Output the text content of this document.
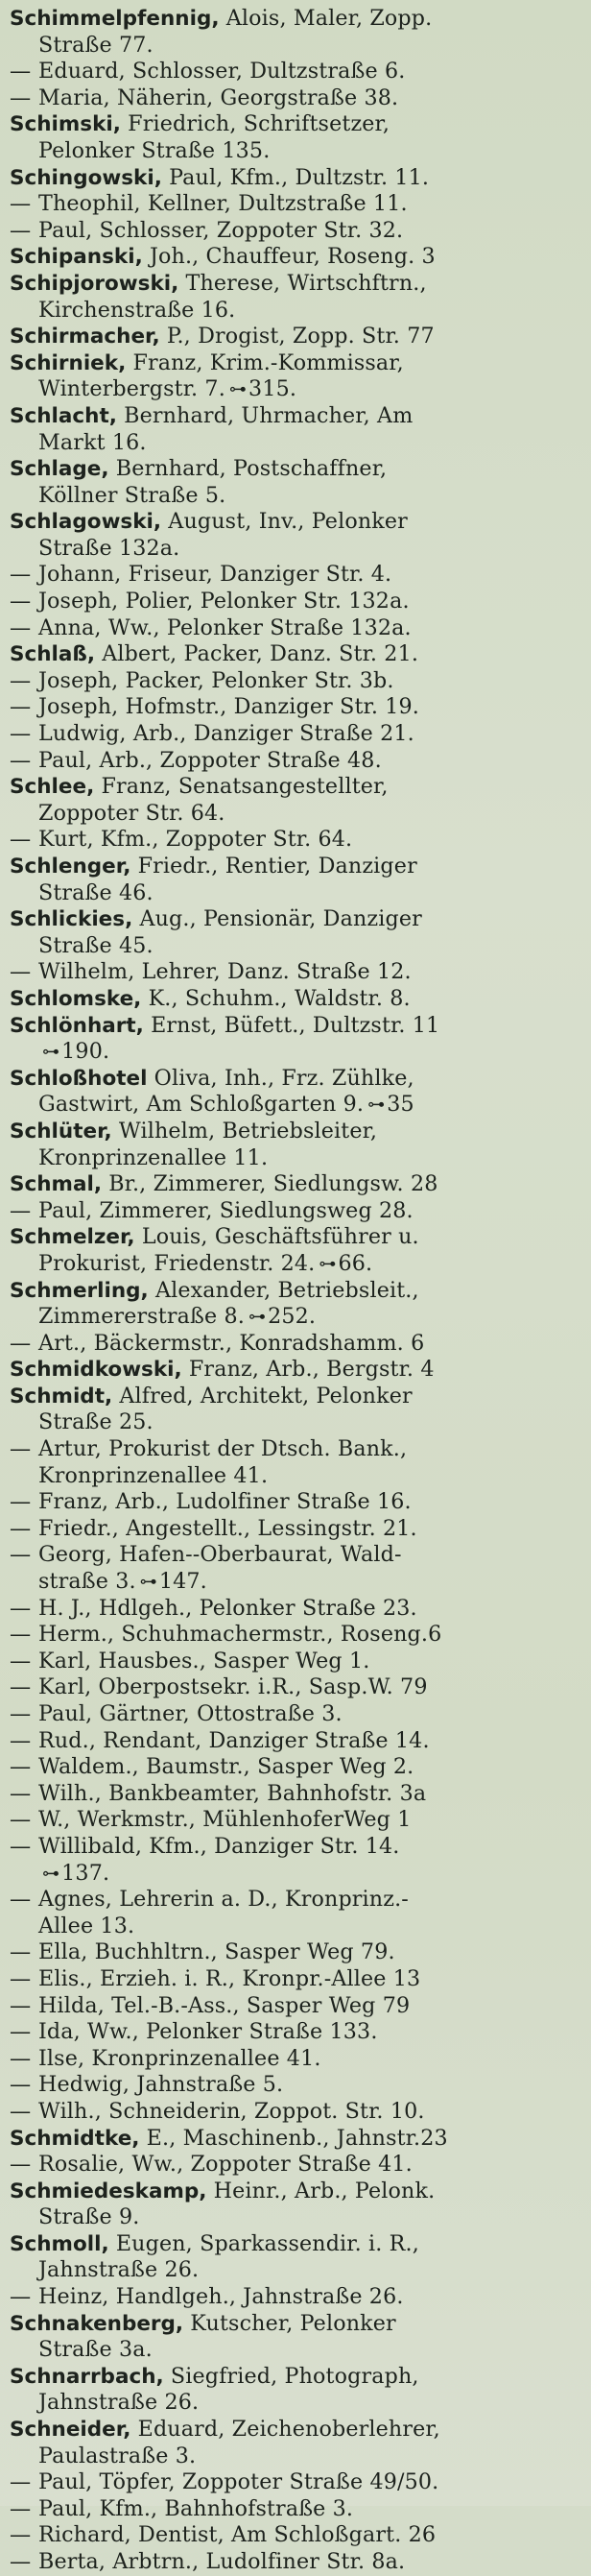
Schimmelpfennig, Alois, Maler, Zopp.
Straße 77.
— Eduard, Schlosser, Dultzstraße 6.
— Maria, Näherin, Georgstraße 38.
Schimski, Friedrich, Schriftsetzer,
Pelonker Straße 135.
Schingowski, Paul, Kfm., Dultzstr. 11.
— Theophil, Kellner, Dultzstraße 11.
— Paul, Schlosser, Zoppoter Str. 32.
Schipanski, Joh., Chauffeur, Roseng. 3
Schipjorowski, Therese, Wirtschftrn.,
Kirchenstraße 16.
Schirmacher, P., Drogist, Zopp. Str. 77
Schirniek, Franz, Krim.-Kommissar,
Winterbergstr. 7. ⊶315.
Schlacht, Bernhard, Uhrmacher, Am
Markt 16.
Schlage, Bernhard, Postschaffner,
Köllner Straße 5.
Schlagowski, August, Inv., Pelonker
Straße 132a.
— Johann, Friseur, Danziger Str. 4.
— Joseph, Polier, Pelonker Str. 132a.
— Anna, Ww., Pelonker Straße 132a.
Schlaß, Albert, Packer, Danz. Str. 21.
— Joseph, Packer, Pelonker Str. 3b.
— Joseph, Hofmstr., Danziger Str. 19.
— Ludwig, Arb., Danziger Straße 21.
— Paul, Arb., Zoppoter Straße 48.
Schlee, Franz, Senatsangestellter,
Zoppoter Str. 64.
— Kurt, Kfm., Zoppoter Str. 64.
Schlenger, Friedr., Rentier, Danziger
Straße 46.
Schlickies, Aug., Pensionär, Danziger
Straße 45.
— Wilhelm, Lehrer, Danz. Straße 12.
Schlomske, K., Schuhm., Waldstr. 8.
Schlönhart, Ernst, Büfett., Dultzstr. 11
⊶190.
Schloßhotel Oliva, Inh., Frz. Zühlke,
Gastwirt, Am Schloßgarten 9. ⊶35
Schlüter, Wilhelm, Betriebsleiter,
Kronprinzenallee 11.
Schmal, Br., Zimmerer, Siedlungsw. 28
— Paul, Zimmerer, Siedlungsweg 28.
Schmelzer, Louis, Geschäftsführer u.
Prokurist, Friedenstr. 24. ⊶66.
Schmerling, Alexander, Betriebsleit.,
Zimmererstraße 8. ⊶252.
— Art., Bäckermstr., Konradshamm. 6
Schmidkowski, Franz, Arb., Bergstr. 4
Schmidt, Alfred, Architekt, Pelonker
Straße 25.
— Artur, Prokurist der Dtsch. Bank.,
Kronprinzenallee 41.
— Franz, Arb., Ludolfiner Straße 16.
— Friedr., Angestellt., Lessingstr. 21.
— Georg, Hafen--Oberbaurat, Wald-
straße 3. ⊶147.
— H. J., Hdlgeh., Pelonker Straße 23.
— Herm., Schuhmachermstr., Roseng.6
— Karl, Hausbes., Sasper Weg 1.
— Karl, Oberpostsekr. i.R., Sasp.W. 79
— Paul, Gärtner, Ottostraße 3.
— Rud., Rendant, Danziger Straße 14.
— Waldem., Baumstr., Sasper Weg 2.
— Wilh., Bankbeamter, Bahnhofstr. 3a
— W., Werkmstr., MühlenhoferWeg 1
— Willibald, Kfm., Danziger Str. 14.
⊶137.
— Agnes, Lehrerin a. D., Kronprinz.-
Allee 13.
— Ella, Buchhltrn., Sasper Weg 79.
— Elis., Erzieh. i. R., Kronpr.-Allee 13
— Hilda, Tel.-B.-Ass., Sasper Weg 79
— Ida, Ww., Pelonker Straße 133.
— Ilse, Kronprinzenallee 41.
— Hedwig, Jahnstraße 5.
— Wilh., Schneiderin, Zoppot. Str. 10.
Schmidtke, E., Maschinenb., Jahnstr.23
— Rosalie, Ww., Zoppoter Straße 41.
Schmiedeskamp, Heinr., Arb., Pelonk.
Straße 9.
Schmoll, Eugen, Sparkassendir. i. R.,
Jahnstraße 26.
— Heinz, Handlgeh., Jahnstraße 26.
Schnakenberg, Kutscher, Pelonker
Straße 3a.
Schnarrbach, Siegfried, Photograph,
Jahnstraße 26.
Schneider, Eduard, Zeichenoberlehrer,
Paulastraße 3.
— Paul, Töpfer, Zoppoter Straße 49/50.
— Paul, Kfm., Bahnhofstraße 3.
— Richard, Dentist, Am Schloßgart. 26
— Berta, Arbtrn., Ludolfiner Str. 8a.
